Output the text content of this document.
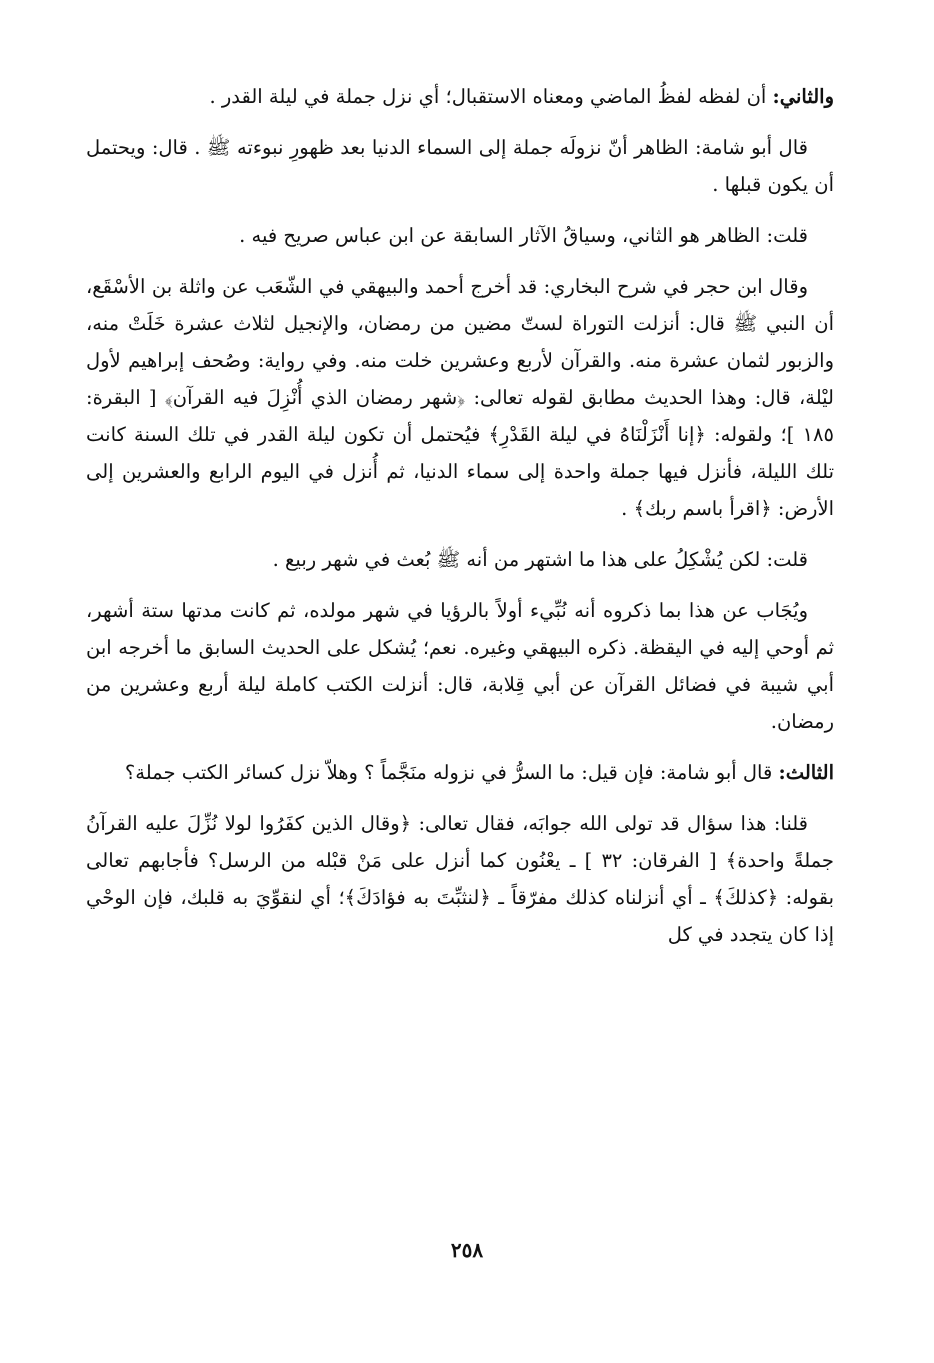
والثاني: أن لفظه لفظُ الماضي ومعناه الاستقبال؛ أي نزل جملة في ليلة القدر .

قال أبو شامة: الظاهر أنّ نزولَه جملة إلى السماء الدنيا بعد ظهورِ نبوءته ﷺ . قال: ويحتمل أن يكون قبلها .

قلت: الظاهر هو الثاني، وسياقُ الآثار السابقة عن ابن عباس صريح فيه .

وقال ابن حجر في شرح البخاري: قد أخرج أحمد والبيهقي في الشّعَب عن واثلة بن الأسْقَع، أن النبي ﷺ قال: أنزلت التوراة لستّ مضين من رمضان، والإنجيل لثلاث عشرة خَلَتْ منه، والزبور لثمان عشرة منه. والقرآن لأربع وعشرين خلت منه. وفي رواية: وصُحف إبراهيم لأول ليْلة، قال: وهذا الحديث مطابق لقوله تعالى: ﴿شهر رمضان الذي أُنْزِلَ فيه القرآن﴾ [ البقرة: ١٨٥ ]؛ ولقوله: ﴿إنا أَنْزَلْنَاهُ في ليلة القَدْرِ﴾ فيُحتمل أن تكون ليلة القدر في تلك السنة كانت تلك الليلة، فأنزل فيها جملة واحدة إلى سماء الدنيا، ثم أُنزل في اليوم الرابع والعشرين إلى الأرض: ﴿اقرأ باسم ربك﴾ .

قلت: لكن يُشْكِلُ على هذا ما اشتهر من أنه ﷺ بُعث في شهر ربيع .

ويُجَاب عن هذا بما ذكروه أنه نُبِّيء أولاً بالرؤيا في شهر مولده، ثم كانت مدتها ستة أشهر، ثم أوحي إليه في اليقظة. ذكره البيهقي وغيره. نعم؛ يُشكل على الحديث السابق ما أخرجه ابن أبي شيبة في فضائل القرآن عن أبي قِلابة، قال: أنزلت الكتب كاملة ليلة أربع وعشرين من رمضان.

الثالث: قال أبو شامة: فإن قيل: ما السرُّ في نزوله منَجَّماً ؟ وهلاّ نزل كسائر الكتب جملة؟

قلنا: هذا سؤال قد تولى الله جوابَه، فقال تعالى: ﴿وقال الذين كفَرُوا لولا نُزِّلَ عليه القرآنُ جملةً واحدة﴾ [ الفرقان: ٣٢ ] ـ يعْنُون كما أنزل على مَنْ قبْله من الرسل؟ فأجابهم تعالى بقوله: ﴿كذلكَ﴾ ـ أي أنزلناه كذلك مفرّقاً ـ ﴿لنثبِّتَ به فؤادَكَ﴾؛ أي لنقوِّيَ به قلبك، فإن الوحْي إذا كان يتجدد في كل

٢٥٨
